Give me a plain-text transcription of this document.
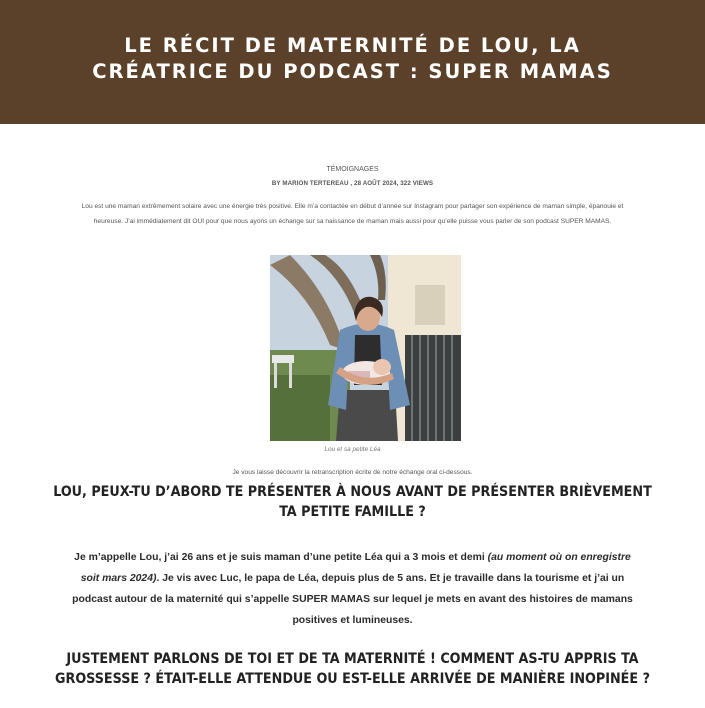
LE RÉCIT DE MATERNITÉ DE LOU, LA CRÉATRICE DU PODCAST : SUPER MAMAS
TÉMOIGNAGES
BY MARION TERTEREAU , 28 AOÛT 2024, 322 VIEWS

Lou est une maman extrêmement solaire avec une énergie très positive. Elle m’a contactée en début d’année sur Instagram pour partager son expérience de maman simple, épanouie et heureuse. J’ai immédiatement dit OUI pour que nous ayons un échange sur sa naissance de maman mais aussi pour qu’elle puisse vous parler de son podcast SUPER MAMAS.

Lou et sa petite Léa
Je vous laisse découvrir la retranscription écrite de notre échange oral ci-dessous.
LOU, PEUX-TU D’ABORD TE PRÉSENTER À NOUS AVANT DE PRÉSENTER BRIÈVEMENT TA PETITE FAMILLE ?

Je m’appelle Lou, j’ai 26 ans et je suis maman d’une petite Léa qui a 3 mois et demi (au moment où on enregistre soit mars 2024). Je vis avec Luc, le papa de Léa, depuis plus de 5 ans. Et je travaille dans la tourisme et j’ai un podcast autour de la maternité qui s’appelle SUPER MAMAS sur lequel je mets en avant des histoires de mamans positives et lumineuses.

JUSTEMENT PARLONS DE TOI ET DE TA MATERNITÉ ! COMMENT AS-TU APPRIS TA GROSSESSE ? ÉTAIT-ELLE ATTENDUE OU EST-ELLE ARRIVÉE DE MANIÈRE INOPINÉE ?
